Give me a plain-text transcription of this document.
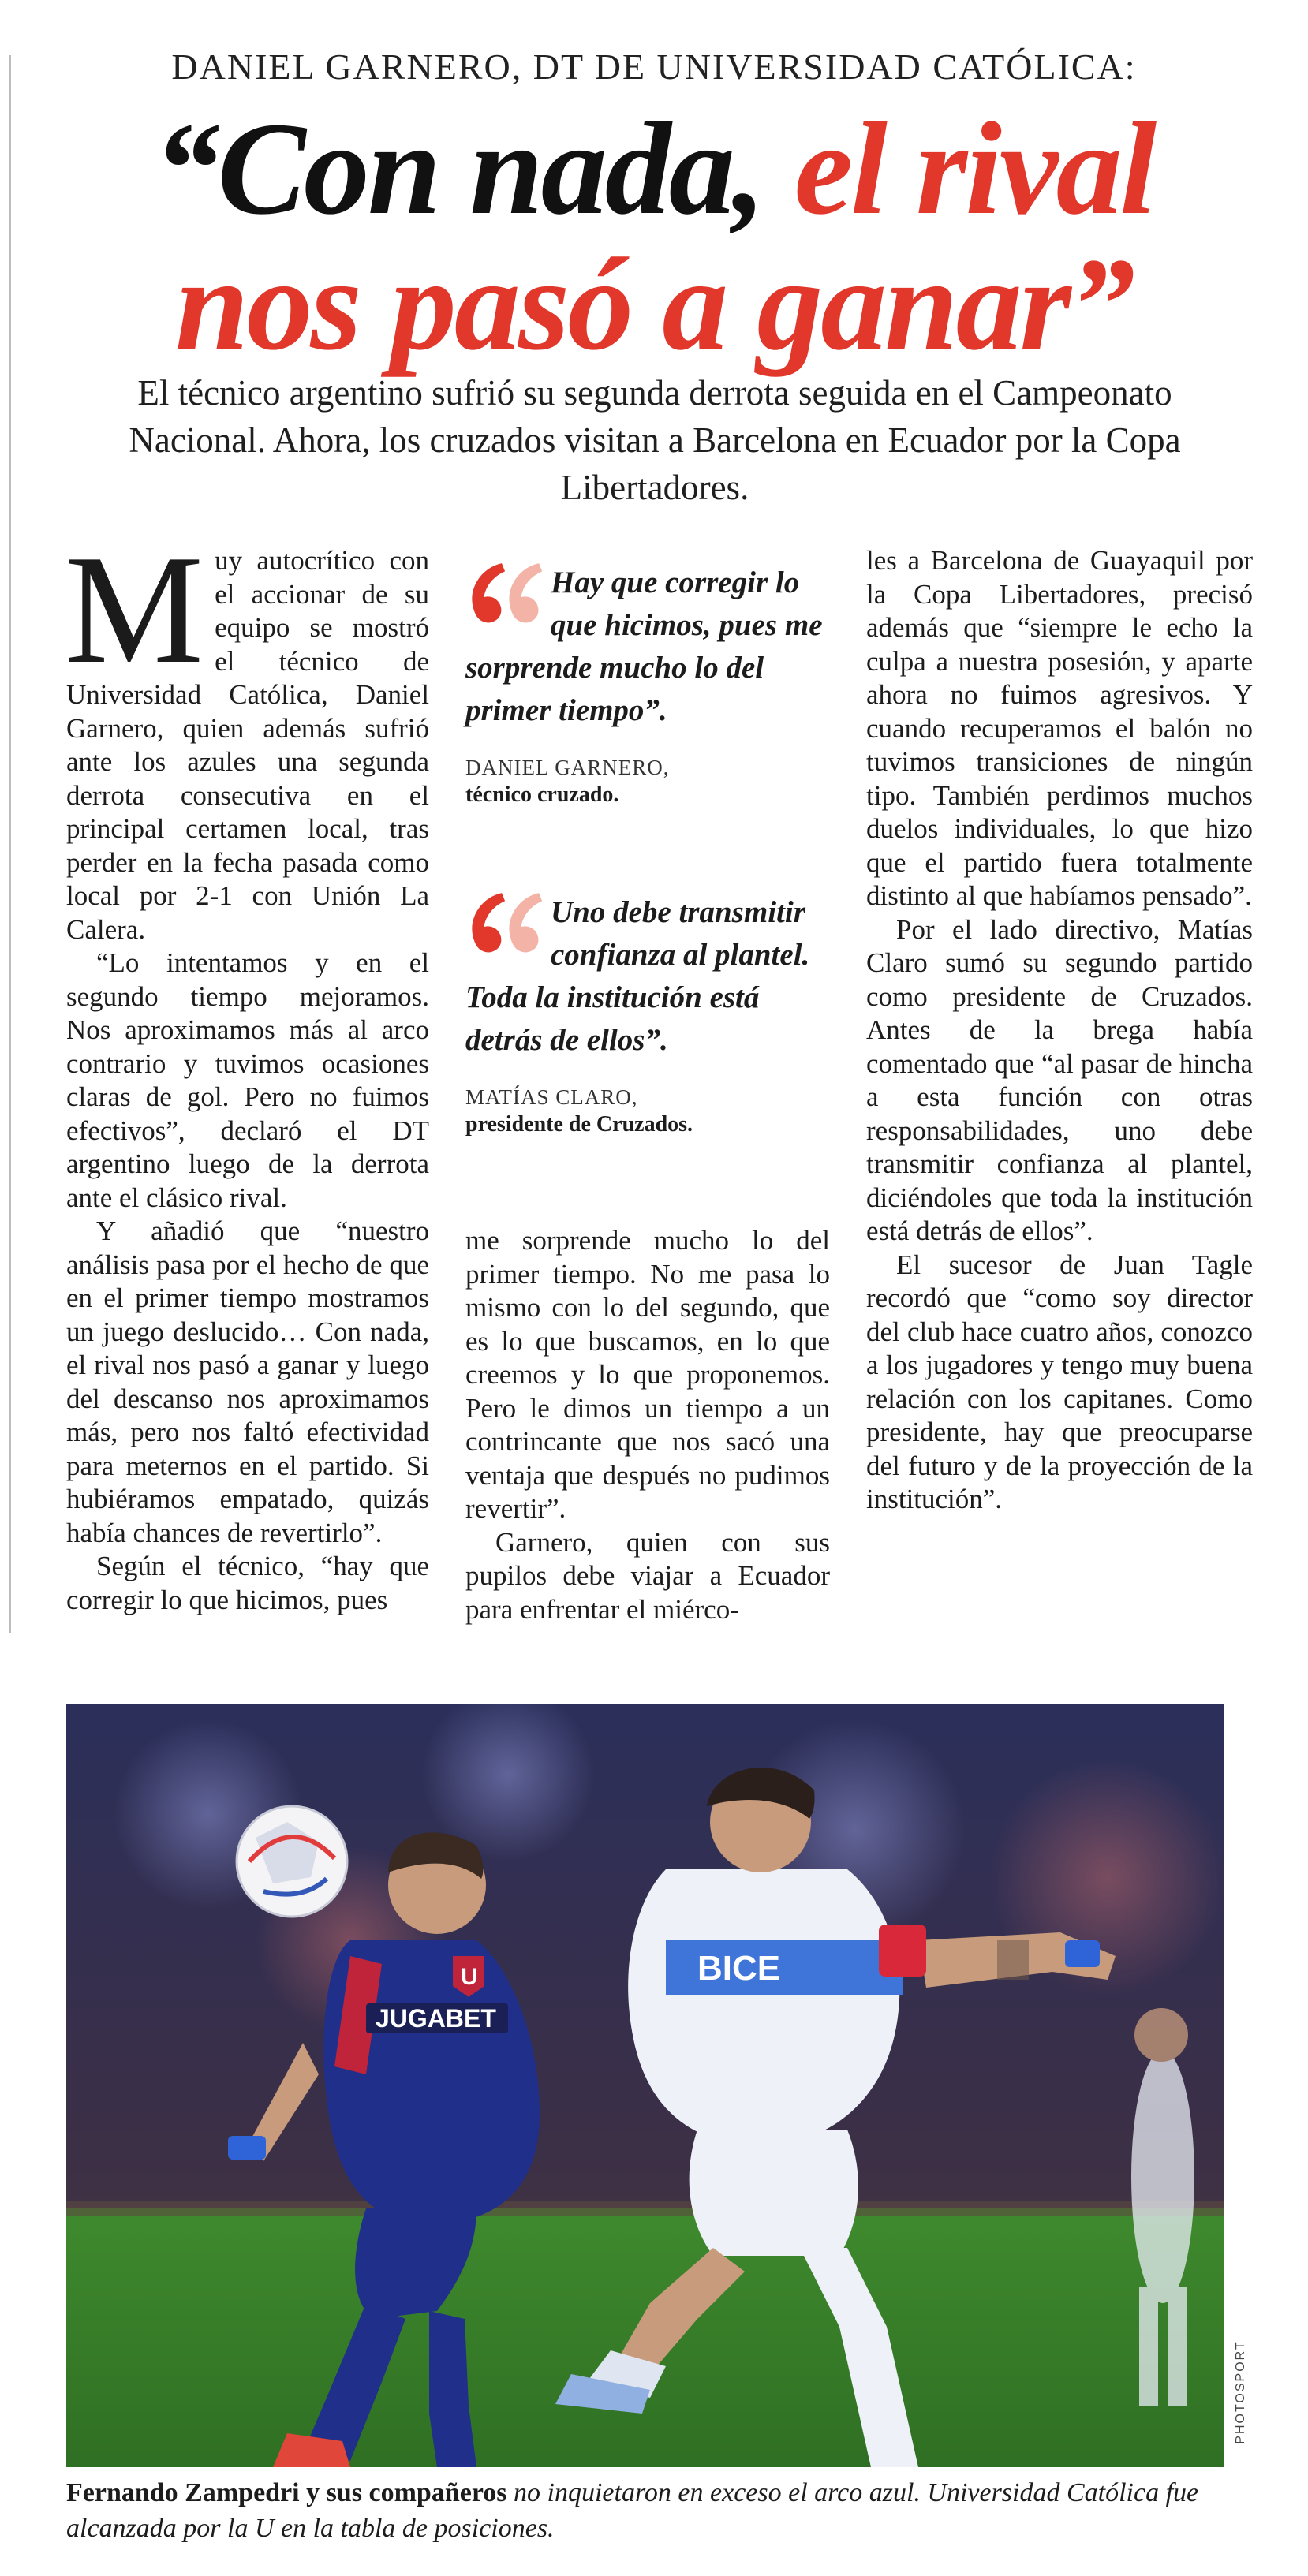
DANIEL GARNERO, DT DE UNIVERSIDAD CATÓLICA:
“Con nada, el rival
nos pasó a ganar”
El técnico argentino sufrió su segunda derrota seguida en el Campeonato Nacional. Ahora, los cruzados visitan a Barcelona en Ecuador por la Copa Libertadores.

Muy autocrítico con el accionar de su equipo se mostró el técnico de Universidad Católica, Daniel Garnero, quien además sufrió ante los azules una segunda derrota consecutiva en el principal certamen local, tras perder en la fecha pasada como local por 2-1 con Unión La Calera.

“Lo intentamos y en el segundo tiempo mejoramos. Nos aproximamos más al arco contrario y tuvimos ocasiones claras de gol. Pero no fuimos efectivos”, declaró el DT argentino luego de la derrota ante el clásico rival.

Y añadió que “nuestro análisis pasa por el hecho de que en el primer tiempo mostramos un juego deslucido… Con nada, el rival nos pasó a ganar y luego del descanso nos aproximamos más, pero nos faltó efectividad para meternos en el partido. Si hubiéramos empatado, quizás había chances de revertirlo”.

Según el técnico, “hay que corregir lo que hicimos, pues

Hay que corregir lo que hicimos, pues me sorprende mucho lo del primer tiempo”.
DANIEL GARNERO,
técnico cruzado.
Uno debe transmitir confianza al plantel. Toda la institución está detrás de ellos”.
MATÍAS CLARO,
presidente de Cruzados.

me sorprende mucho lo del primer tiempo. No me pasa lo mismo con lo del segundo, que es lo que buscamos, en lo que creemos y lo que proponemos. Pero le dimos un tiempo a un contrincante que nos sacó una ventaja que después no pudimos revertir”.

Garnero, quien con sus pupilos debe viajar a Ecuador para enfrentar el miérco-

les a Barcelona de Guayaquil por la Copa Libertadores, precisó además que “siempre le echo la culpa a nuestra posesión, y aparte ahora no fuimos agresivos. Y cuando recuperamos el balón no tuvimos transiciones de ningún tipo. También perdimos muchos duelos individuales, lo que hizo que el partido fuera totalmente distinto al que habíamos pensado”.

Por el lado directivo, Matías Claro sumó su segundo partido como presidente de Cruzados. Antes de la brega había comentado que “al pasar de hincha a esta función con otras responsabilidades, uno debe transmitir confianza al plantel, diciéndoles que toda la institución está detrás de ellos”.

El sucesor de Juan Tagle recordó que “como soy director del club hace cuatro años, conozco a los jugadores y tengo muy buena relación con los capitanes. Como presidente, hay que preocuparse del futuro y de la proyección de la institución”.

JUGABET
U	BICE
PHOTOSPORT
Fernando Zampedri y sus compañeros no inquietaron en exceso el arco azul. Universidad Católica fue alcanzada por la U en la tabla de posiciones.
